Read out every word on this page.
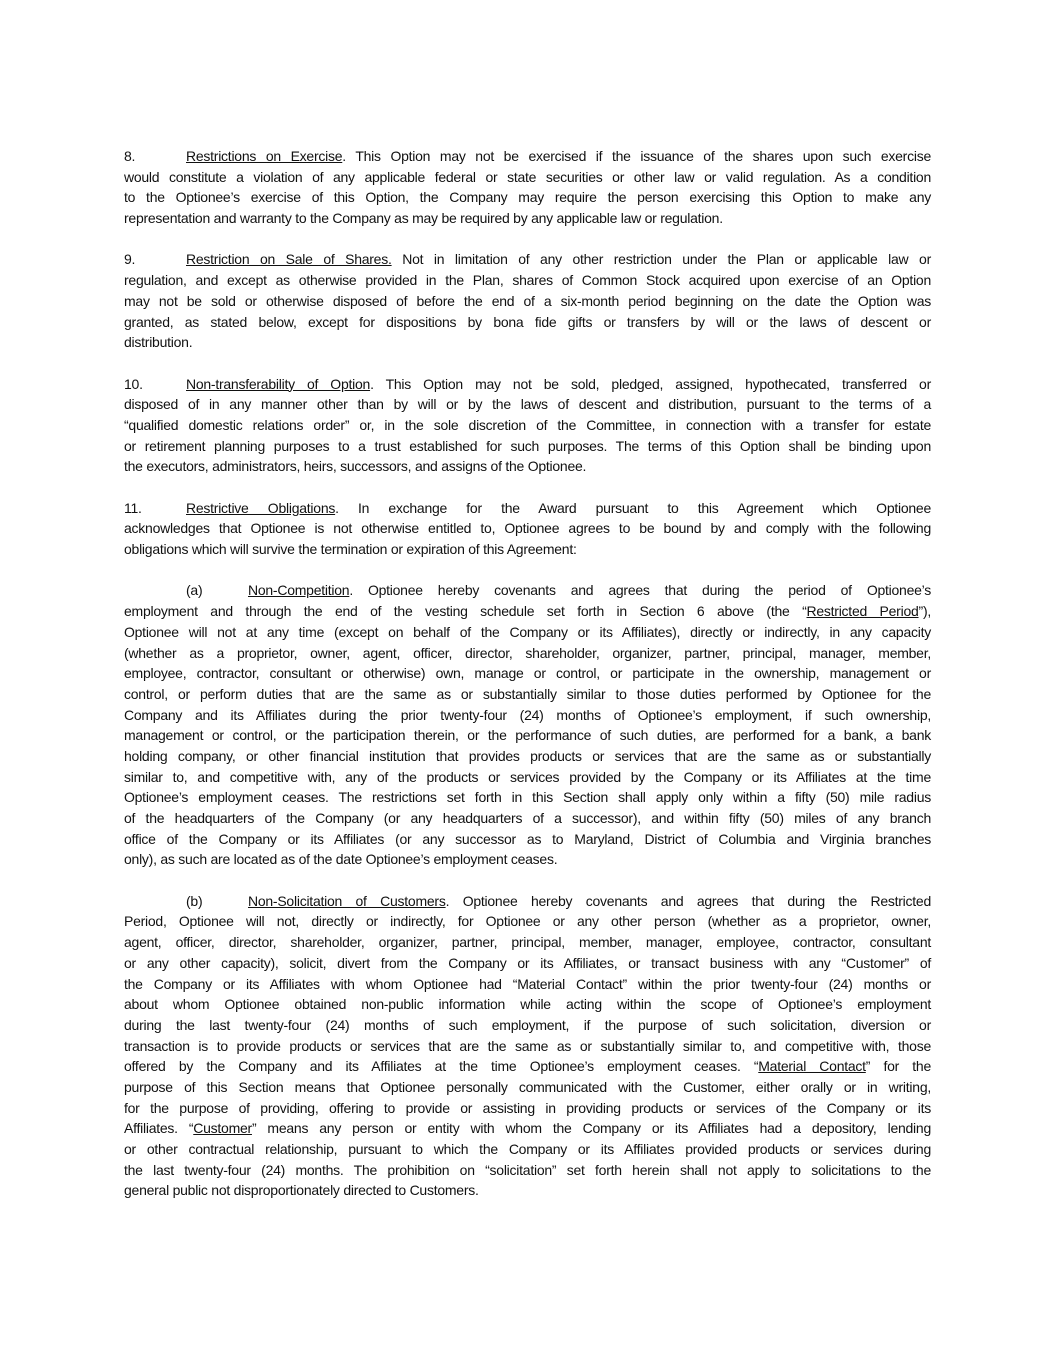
8.	Restrictions on Exercise. This Option may not be exercised if the issuance of the shares upon such exercise
would constitute a violation of any applicable federal or state securities or other law or valid regulation. As a condition
to the Optionee’s exercise of this Option, the Company may require the person exercising this Option to make any
representation and warranty to the Company as may be required by any applicable law or regulation.
9.	Restriction on Sale of Shares. Not in limitation of any other restriction under the Plan or applicable law or
regulation, and except as otherwise provided in the Plan, shares of Common Stock acquired upon exercise of an Option
may not be sold or otherwise disposed of before the end of a six-month period beginning on the date the Option was
granted, as stated below, except for dispositions by bona fide gifts or transfers by will or the laws of descent or
distribution.
10.	Non-transferability of Option. This Option may not be sold, pledged, assigned, hypothecated, transferred or
disposed of in any manner other than by will or by the laws of descent and distribution, pursuant to the terms of a
“qualified domestic relations order” or, in the sole discretion of the Committee, in connection with a transfer for estate
or retirement planning purposes to a trust established for such purposes. The terms of this Option shall be binding upon
the executors, administrators, heirs, successors, and assigns of the Optionee.
11.	Restrictive Obligations. In exchange for the Award pursuant to this Agreement which Optionee
acknowledges that Optionee is not otherwise entitled to, Optionee agrees to be bound by and comply with the following
obligations which will survive the termination or expiration of this Agreement:
(a)	Non-Competition. Optionee hereby covenants and agrees that during the period of Optionee’s
employment and through the end of the vesting schedule set forth in Section 6 above (the “Restricted Period”),
Optionee will not at any time (except on behalf of the Company or its Affiliates), directly or indirectly, in any capacity
(whether as a proprietor, owner, agent, officer, director, shareholder, organizer, partner, principal, manager, member,
employee, contractor, consultant or otherwise) own, manage or control, or participate in the ownership, management or
control, or perform duties that are the same as or substantially similar to those duties performed by Optionee for the
Company and its Affiliates during the prior twenty-four (24) months of Optionee’s employment, if such ownership,
management or control, or the participation therein, or the performance of such duties, are performed for a bank, a bank
holding company, or other financial institution that provides products or services that are the same as or substantially
similar to, and competitive with, any of the products or services provided by the Company or its Affiliates at the time
Optionee’s employment ceases. The restrictions set forth in this Section shall apply only within a fifty (50) mile radius
of the headquarters of the Company (or any headquarters of a successor), and within fifty (50) miles of any branch
office of the Company or its Affiliates (or any successor as to Maryland, District of Columbia and Virginia branches
only), as such are located as of the date Optionee’s employment ceases.
(b)	Non-Solicitation of Customers. Optionee hereby covenants and agrees that during the Restricted
Period, Optionee will not, directly or indirectly, for Optionee or any other person (whether as a proprietor, owner,
agent, officer, director, shareholder, organizer, partner, principal, member, manager, employee, contractor, consultant
or any other capacity), solicit, divert from the Company or its Affiliates, or transact business with any “Customer” of
the Company or its Affiliates with whom Optionee had “Material Contact” within the prior twenty-four (24) months or
about whom Optionee obtained non-public information while acting within the scope of Optionee’s employment
during the last twenty-four (24) months of such employment, if the purpose of such solicitation, diversion or
transaction is to provide products or services that are the same as or substantially similar to, and competitive with, those
offered by the Company and its Affiliates at the time Optionee’s employment ceases. “Material Contact” for the
purpose of this Section means that Optionee personally communicated with the Customer, either orally or in writing,
for the purpose of providing, offering to provide or assisting in providing products or services of the Company or its
Affiliates. “Customer” means any person or entity with whom the Company or its Affiliates had a depository, lending
or other contractual relationship, pursuant to which the Company or its Affiliates provided products or services during
the last twenty-four (24) months. The prohibition on “solicitation” set forth herein shall not apply to solicitations to the
general public not disproportionately directed to Customers.
